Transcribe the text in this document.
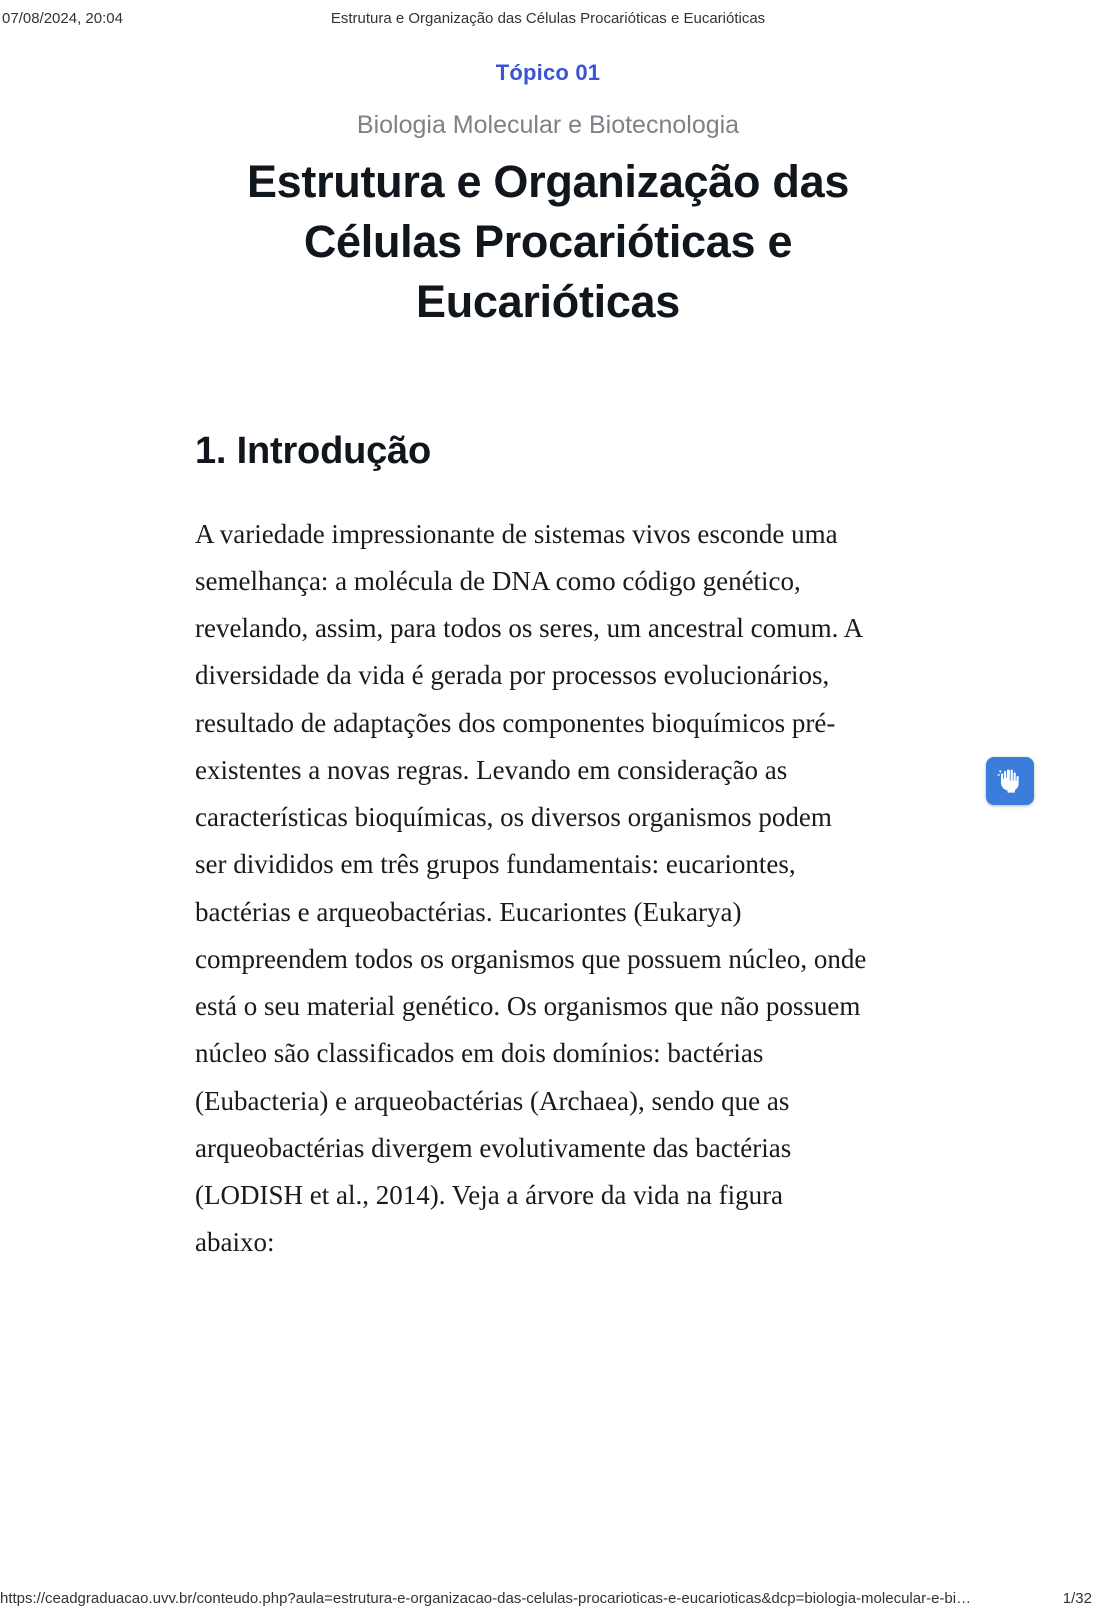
07/08/2024, 20:04	Estrutura e Organização das Células Procarióticas e Eucarióticas
Tópico 01
Biologia Molecular e Biotecnologia
Estrutura e Organização das Células Procarióticas e Eucarióticas
1. Introdução

A variedade impressionante de sistemas vivos esconde uma semelhança: a molécula de DNA como código genético, revelando, assim, para todos os seres, um ancestral comum. A diversidade da vida é gerada por processos evolucionários, resultado de adaptações dos componentes bioquímicos pré-existentes a novas regras. Levando em consideração as características bioquímicas, os diversos organismos podem ser divididos em três grupos fundamentais: eucariontes, bactérias e arqueobactérias. Eucariontes (Eukarya) compreendem todos os organismos que possuem núcleo, onde está o seu material genético. Os organismos que não possuem núcleo são classificados em dois domínios: bactérias (Eubacteria) e arqueobactérias (Archaea), sendo que as arqueobactérias divergem evolutivamente das bactérias (LODISH et al., 2014). Veja a árvore da vida na figura abaixo:

https://ceadgraduacao.uvv.br/conteudo.php?aula=estrutura-e-organizacao-das-celulas-procarioticas-e-eucarioticas&dcp=biologia-molecular-e-bi…	1/32
